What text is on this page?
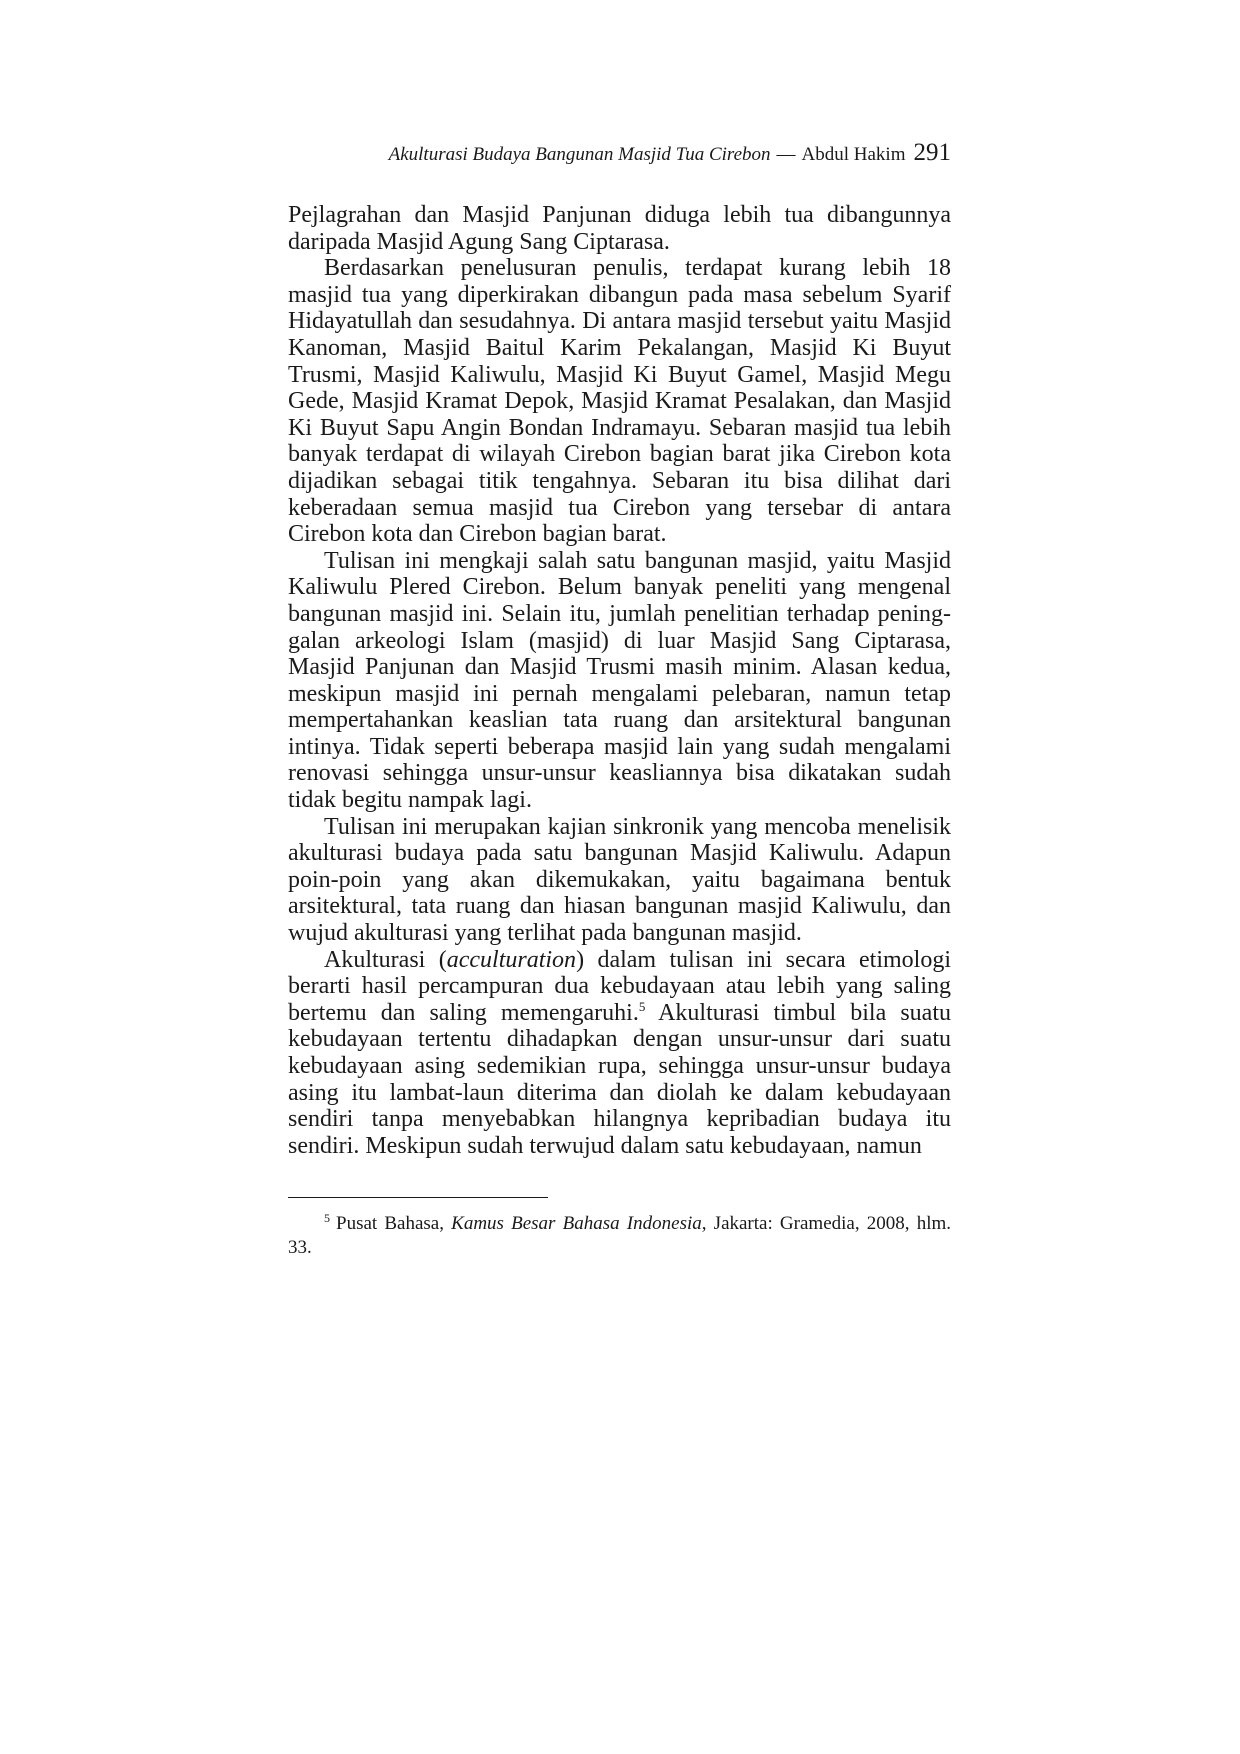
Akulturasi Budaya Bangunan Masjid Tua Cirebon — Abdul Hakim 291

Pejlagrahan dan Masjid Panjunan diduga lebih tua dibangunnya daripada Masjid Agung Sang Ciptarasa.

Berdasarkan penelusuran penulis, terdapat kurang lebih 18 masjid tua yang diperkirakan dibangun pada masa sebelum Syarif Hidayatullah dan sesudahnya. Di antara masjid tersebut yaitu Masjid Kanoman, Masjid Baitul Karim Pekalangan, Masjid Ki Buyut Trusmi, Masjid Kaliwulu, Masjid Ki Buyut Gamel, Masjid Megu Gede, Masjid Kramat Depok, Masjid Kramat Pesalakan, dan Masjid Ki Buyut Sapu Angin Bondan Indramayu. Sebaran masjid tua lebih banyak terdapat di wilayah Cirebon bagian barat jika Cirebon kota dijadikan sebagai titik tengahnya. Sebaran itu bisa dilihat dari keberadaan semua masjid tua Cirebon yang tersebar di antara Cirebon kota dan Cirebon bagian barat.

Tulisan ini mengkaji salah satu bangunan masjid, yaitu Masjid Kaliwulu Plered Cirebon. Belum banyak peneliti yang mengenal bangunan masjid ini. Selain itu, jumlah penelitian terhadap peninggalan arkeologi Islam (masjid) di luar Masjid Sang Ciptarasa, Masjid Panjunan dan Masjid Trusmi masih minim. Alasan kedua, meskipun masjid ini pernah mengalami pelebaran, namun tetap mempertahankan keaslian tata ruang dan arsitektural bangunan intinya. Tidak seperti beberapa masjid lain yang sudah mengalami renovasi sehingga unsur-unsur keasliannya bisa dikatakan sudah tidak begitu nampak lagi.

Tulisan ini merupakan kajian sinkronik yang mencoba menelisik akulturasi budaya pada satu bangunan Masjid Kaliwulu. Adapun poin-poin yang akan dikemukakan, yaitu bagaimana bentuk arsitektural, tata ruang dan hiasan bangunan masjid Kaliwulu, dan wujud akulturasi yang terlihat pada bangunan masjid.

Akulturasi (acculturation) dalam tulisan ini secara etimologi berarti hasil percampuran dua kebudayaan atau lebih yang saling bertemu dan saling memengaruhi.$^5$ Akulturasi timbul bila suatu kebudayaan tertentu dihadapkan dengan unsur-unsur dari suatu kebudayaan asing sedemikian rupa, sehingga unsur-unsur budaya asing itu lambat-laun diterima dan diolah ke dalam kebudayaan sendiri tanpa menyebabkan hilangnya kepribadian budaya itu sendiri. Meskipun sudah terwujud dalam satu kebudayaan, namun

$^5$ Pusat Bahasa, Kamus Besar Bahasa Indonesia, Jakarta: Gramedia, 2008, hlm. 33.
